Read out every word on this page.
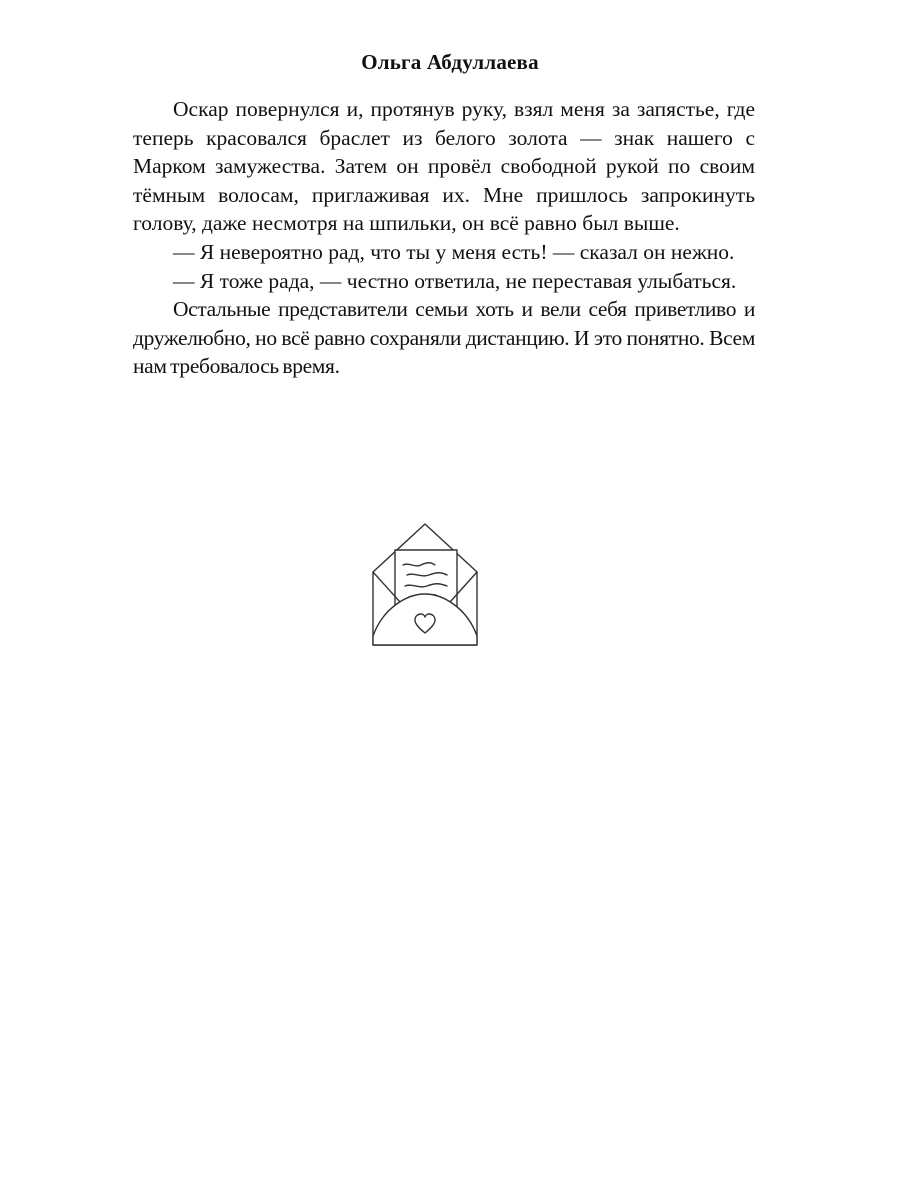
Ольга Абдуллаева

Оскар повернулся и, протянув руку, взял меня за запястье, где теперь красовался браслет из белого золота — знак нашего с Марком замужества. Затем он провёл свободной рукой по своим тёмным волосам, приглаживая их. Мне пришлось запрокинуть голову, даже несмотря на шпильки, он всё равно был выше.

— Я невероятно рад, что ты у меня есть! — сказал он нежно.

— Я тоже рада, — честно ответила, не переставая улыбаться.

Остальные представители семьи хоть и вели себя приветливо и дружелюбно, но всё равно сохраняли дистанцию. И это понятно. Всем нам требовалось время.
